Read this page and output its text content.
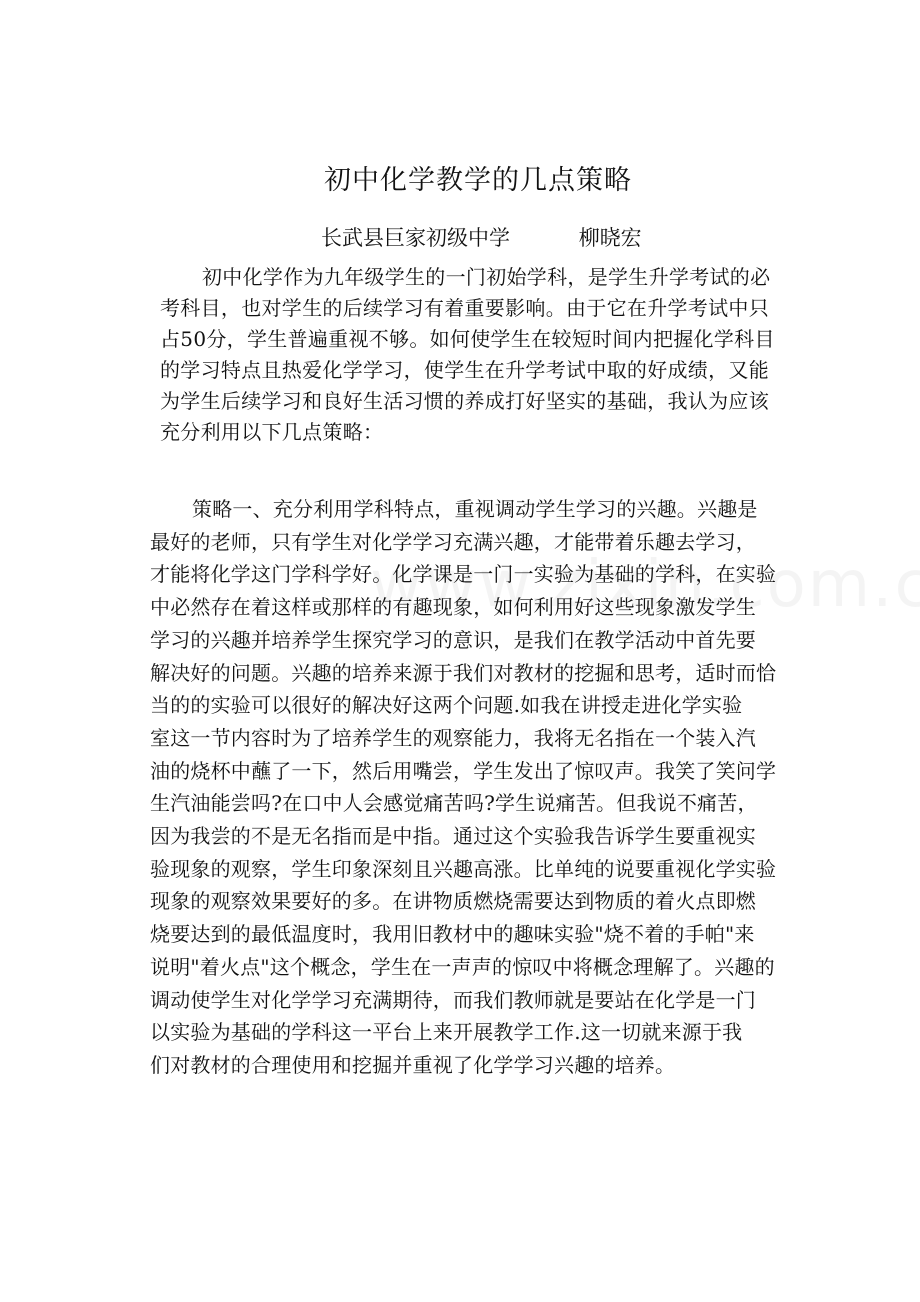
初中化学教学的几点策略
长武县巨家初级中学	柳晓宏
初中化学作为九年级学生的一门初始学科，是学生升学考试的必
考科目，也对学生的后续学习有着重要影响。由于它在升学考试中只
占50分，学生普遍重视不够。如何使学生在较短时间内把握化学科目
的学习特点且热爱化学学习，使学生在升学考试中取的好成绩，又能
为学生后续学习和良好生活习惯的养成打好坚实的基础，我认为应该
充分利用以下几点策略：
策略一、充分利用学科特点，重视调动学生学习的兴趣。兴趣是
最好的老师，只有学生对化学学习充满兴趣，才能带着乐趣去学习，
才能将化学这门学科学好。化学课是一门一实验为基础的学科，在实验
中必然存在着这样或那样的有趣现象，如何利用好这些现象激发学生
学习的兴趣并培养学生探究学习的意识，是我们在教学活动中首先要
解决好的问题。兴趣的培养来源于我们对教材的挖掘和思考，适时而恰
当的的实验可以很好的解决好这两个问题.如我在讲授走进化学实验
室这一节内容时为了培养学生的观察能力，我将无名指在一个装入汽
油的烧杯中蘸了一下，然后用嘴尝，学生发出了惊叹声。我笑了笑问学
生汽油能尝吗?在口中人会感觉痛苦吗?学生说痛苦。但我说不痛苦，
因为我尝的不是无名指而是中指。通过这个实验我告诉学生要重视实
验现象的观察，学生印象深刻且兴趣高涨。比单纯的说要重视化学实验
现象的观察效果要好的多。在讲物质燃烧需要达到物质的着火点即燃
烧要达到的最低温度时，我用旧教材中的趣味实验"烧不着的手帕"来
说明"着火点"这个概念，学生在一声声的惊叹中将概念理解了。兴趣的
调动使学生对化学学习充满期待，而我们教师就是要站在化学是一门
以实验为基础的学科这一平台上来开展教学工作.这一切就来源于我
们对教材的合理使用和挖掘并重视了化学学习兴趣的培养。
